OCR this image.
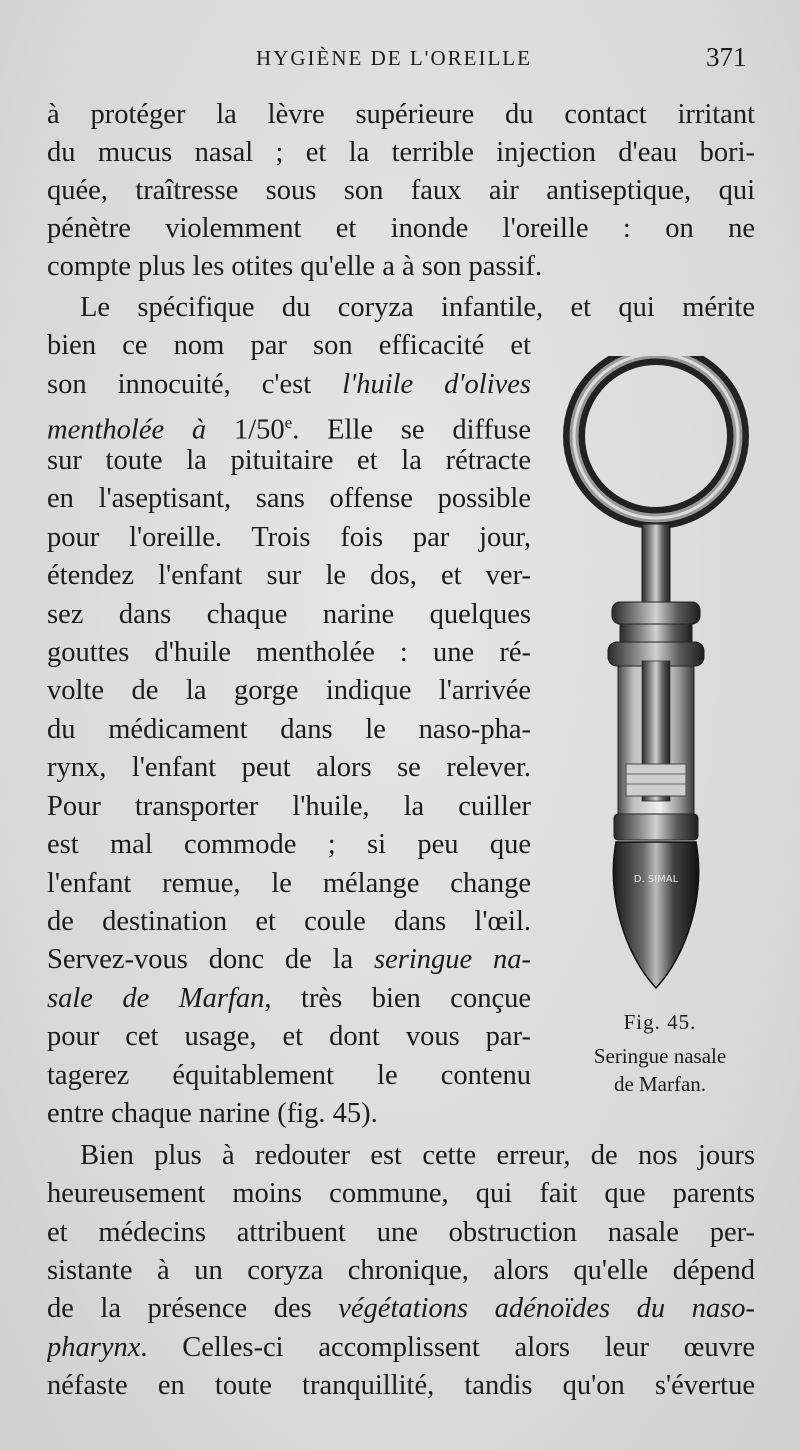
HYGIÈNE DE L'OREILLE	371
à protéger la lèvre supérieure du contact irritant
du mucus nasal ; et la terrible injection d'eau bori-
quée, traîtresse sous son faux air antiseptique, qui
pénètre violemment et inonde l'oreille : on ne
compte plus les otites qu'elle a à son passif.
Le spécifique du coryza infantile, et qui mérite
bien ce nom par son efficacité et
son innocuité, c'est l'huile d'olives
mentholée à 1/50e. Elle se diffuse
sur toute la pituitaire et la rétracte
en l'aseptisant, sans offense possible
pour l'oreille. Trois fois par jour,
étendez l'enfant sur le dos, et ver-
sez dans chaque narine quelques
gouttes d'huile mentholée : une ré-
volte de la gorge indique l'arrivée
du médicament dans le naso-pha-
rynx, l'enfant peut alors se relever.
Pour transporter l'huile, la cuiller
est mal commode ; si peu que
l'enfant remue, le mélange change
de destination et coule dans l'œil.
Servez-vous donc de la seringue na-
sale de Marfan, très bien conçue
pour cet usage, et dont vous par-
tagerez équitablement le contenu
entre chaque narine (fig. 45).
Bien plus à redouter est cette erreur, de nos jours
heureusement moins commune, qui fait que parents
et médecins attribuent une obstruction nasale per-
sistante à un coryza chronique, alors qu'elle dépend
de la présence des végétations adénoïdes du naso-
pharynx. Celles-ci accomplissent alors leur œuvre
néfaste en toute tranquillité, tandis qu'on s'évertue
D. SIMAL
Fig. 45.
Seringue nasale
de Marfan.
